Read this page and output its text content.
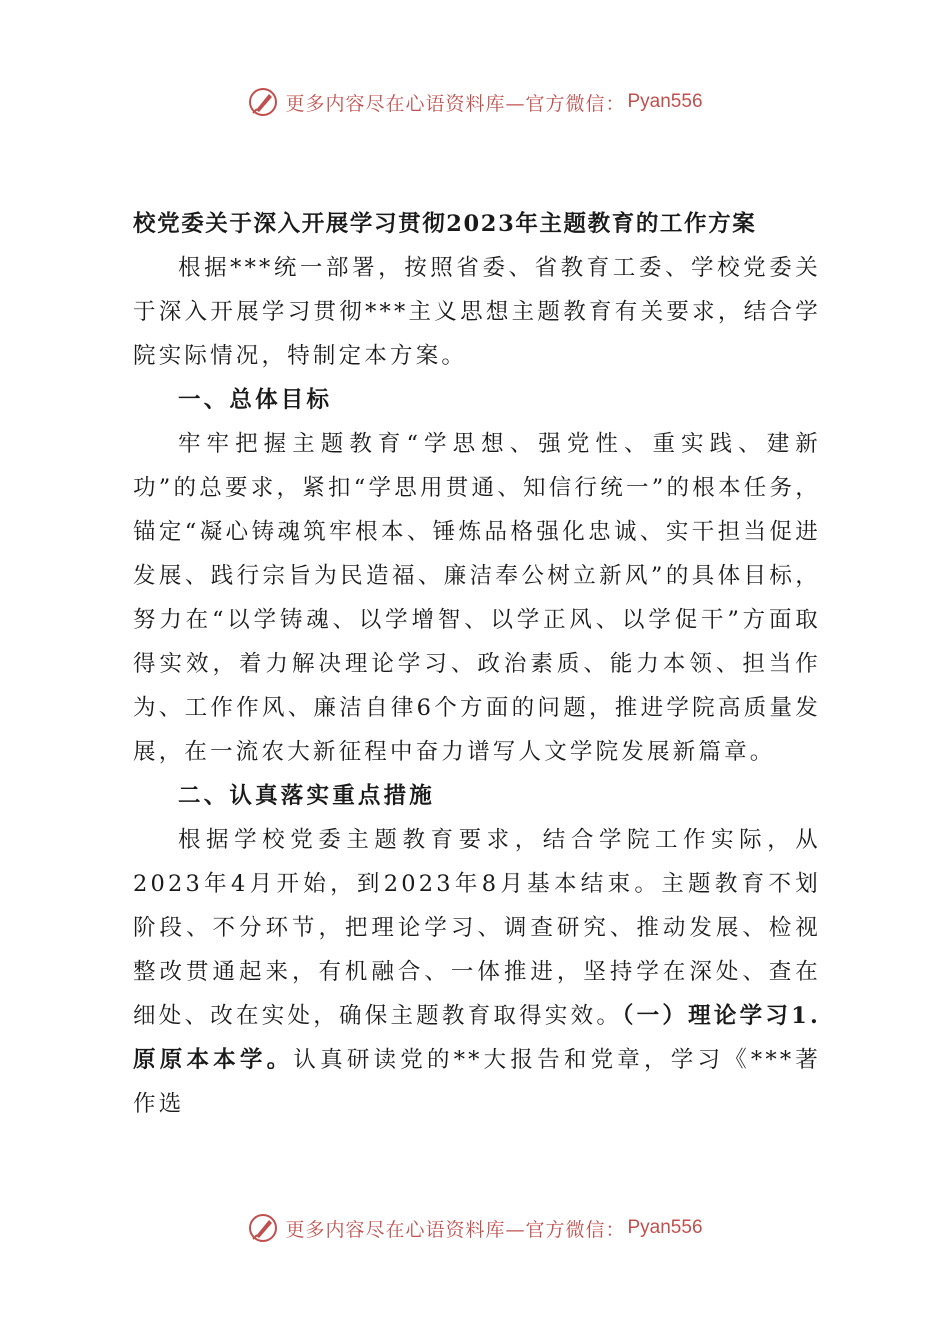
更多内容尽在心语资料库—官方微信： Pyan556
校党委关于深入开展学习贯彻2023年主题教育的工作方案

根据***统一部署，按照省委、省教育工委、学校党委关于深入开展学习贯彻***主义思想主题教育有关要求，结合学院实际情况，特制定本方案。

一、总体目标

牢牢把握主题教育“学思想、强党性、重实践、建新功”的总要求，紧扣“学思用贯通、知信行统一”的根本任务，锚定“凝心铸魂筑牢根本、锤炼品格强化忠诚、实干担当促进发展、践行宗旨为民造福、廉洁奉公树立新风”的具体目标，努力在“以学铸魂、以学增智、以学正风、以学促干”方面取得实效，着力解决理论学习、政治素质、能力本领、担当作为、工作作风、廉洁自律6个方面的问题，推进学院高质量发展，在一流农大新征程中奋力谱写人文学院发展新篇章。

二、认真落实重点措施

根据学校党委主题教育要求，结合学院工作实际，从2023年4月开始，到2023年8月基本结束。主题教育不划阶段、不分环节，把理论学习、调查研究、推动发展、检视整改贯通起来，有机融合、一体推进，坚持学在深处、查在细处、改在实处，确保主题教育取得实效。（一）理论学习1.原原本本学。认真研读党的**大报告和党章，学习《***著作选

更多内容尽在心语资料库—官方微信： Pyan556
